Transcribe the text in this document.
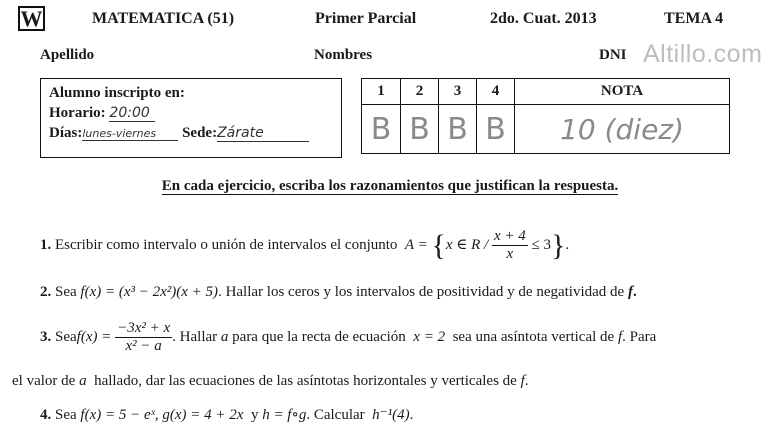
W	MATEMATICA (51)	Primer Parcial	2do. Cuat. 2013	TEMA 4
Apellido	Nombres	DNI Altillo.com
Alumno inscripto en:
Horario: 20:00
Días:lunes-viernes Sede:Zárate
1	2	3	4	NOTA
B	B	B	B	10 (diez)
En cada ejercicio, escriba los razonamientos que justifican la respuesta.
1. Escribir como intervalo o unión de intervalos el conjunto A = {x ∈ $R / \frac{x + 4}{x} \le 3$}.
2. Sea f(x) = (x³ − 2x²)(x + 5). Hallar los ceros y los intervalos de positividad y de negatividad de f.
3. Seaf(x) = $\frac{\text{−3x² + x}}{\text{x² − a}}$ . Hallar a para que la recta de ecuación x = 2 sea una asíntota vertical de f. Para
el valor de a hallado, dar las ecuaciones de las asíntotas horizontales y verticales de f.
4. Sea f(x) = 5 − eˣ, g(x) = 4 + 2x y h = f∘g. Calcular h⁻¹(4).
